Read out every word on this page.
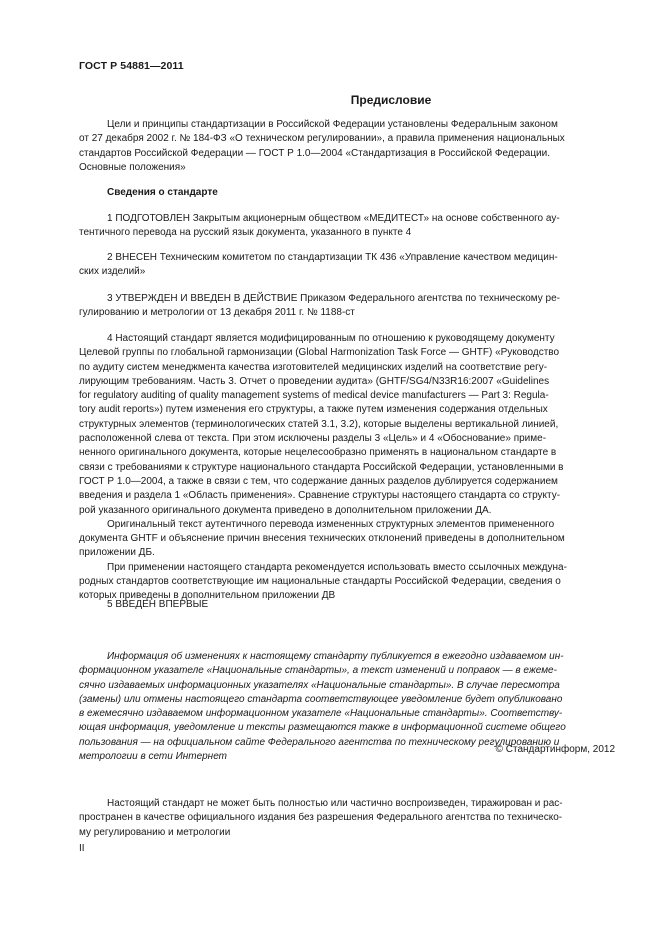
ГОСТ Р 54881—2011
Предисловие
Цели и принципы стандартизации в Российской Федерации установлены Федеральным законом
от 27 декабря 2002 г. № 184-ФЗ «О техническом регулировании», а правила применения национальных
стандартов Российской Федерации — ГОСТ Р 1.0—2004 «Стандартизация в Российской Федерации.
Основные положения»
Сведения о стандарте
1 ПОДГОТОВЛЕН Закрытым акционерным обществом «МЕДИТЕСТ» на основе собственного ау-
тентичного перевода на русский язык документа, указанного в пункте 4
2 ВНЕСЕН Техническим комитетом по стандартизации ТК 436 «Управление качеством медицин-
ских изделий»
3 УТВЕРЖДЕН И ВВЕДЕН В ДЕЙСТВИЕ Приказом Федерального агентства по техническому ре-
гулированию и метрологии от 13 декабря 2011 г. № 1188-ст
4 Настоящий стандарт является модифицированным по отношению к руководящему документу
Целевой группы по глобальной гармонизации (Global Harmonization Task Force — GHTF) «Руководство
по аудиту систем менеджмента качества изготовителей медицинских изделий на соответствие регу-
лирующим требованиям. Часть 3. Отчет о проведении аудита» (GHTF/SG4/N33R16:2007 «Guidelines
for regulatory auditing of quality management systems of medical device manufacturers — Part 3: Regula-
tory audit reports») путем изменения его структуры, а также путем изменения содержания отдельных
структурных элементов (терминологических статей 3.1, 3.2), которые выделены вертикальной линией,
расположенной слева от текста. При этом исключены разделы 3 «Цель» и 4 «Обоснование» приме-
ненного оригинального документа, которые нецелесообразно применять в национальном стандарте в
связи с требованиями к структуре национального стандарта Российской Федерации, установленными в
ГОСТ Р 1.0—2004, а также в связи с тем, что содержание данных разделов дублируется содержанием
введения и раздела 1 «Область применения». Сравнение структуры настоящего стандарта со структу-
рой указанного оригинального документа приведено в дополнительном приложении ДА.
Оригинальный текст аутентичного перевода измененных структурных элементов примененного
документа GHTF и объяснение причин внесения технических отклонений приведены в дополнительном
приложении ДБ.
При применении настоящего стандарта рекомендуется использовать вместо ссылочных междуна-
родных стандартов соответствующие им национальные стандарты Российской Федерации, сведения о
которых приведены в дополнительном приложении ДВ
5 ВВЕДЕН ВПЕРВЫЕ
Информация об изменениях к настоящему стандарту публикуется в ежегодно издаваемом ин-
формационном указателе «Национальные стандарты», а текст изменений и поправок — в ежеме-
сячно издаваемых информационных указателях «Национальные стандарты». В случае пересмотра
(замены) или отмены настоящего стандарта соответствующее уведомление будет опубликовано
в ежемесячно издаваемом информационном указателе «Национальные стандарты». Соответству-
ющая информация, уведомление и тексты размещаются также в информационной системе общего
пользования — на официальном сайте Федерального агентства по техническому регулированию и
метрологии в сети Интернет
© Стандартинформ, 2012
Настоящий стандарт не может быть полностью или частично воспроизведен, тиражирован и рас-
пространен в качестве официального издания без разрешения Федерального агентства по техническо-
му регулированию и метрологии
II
